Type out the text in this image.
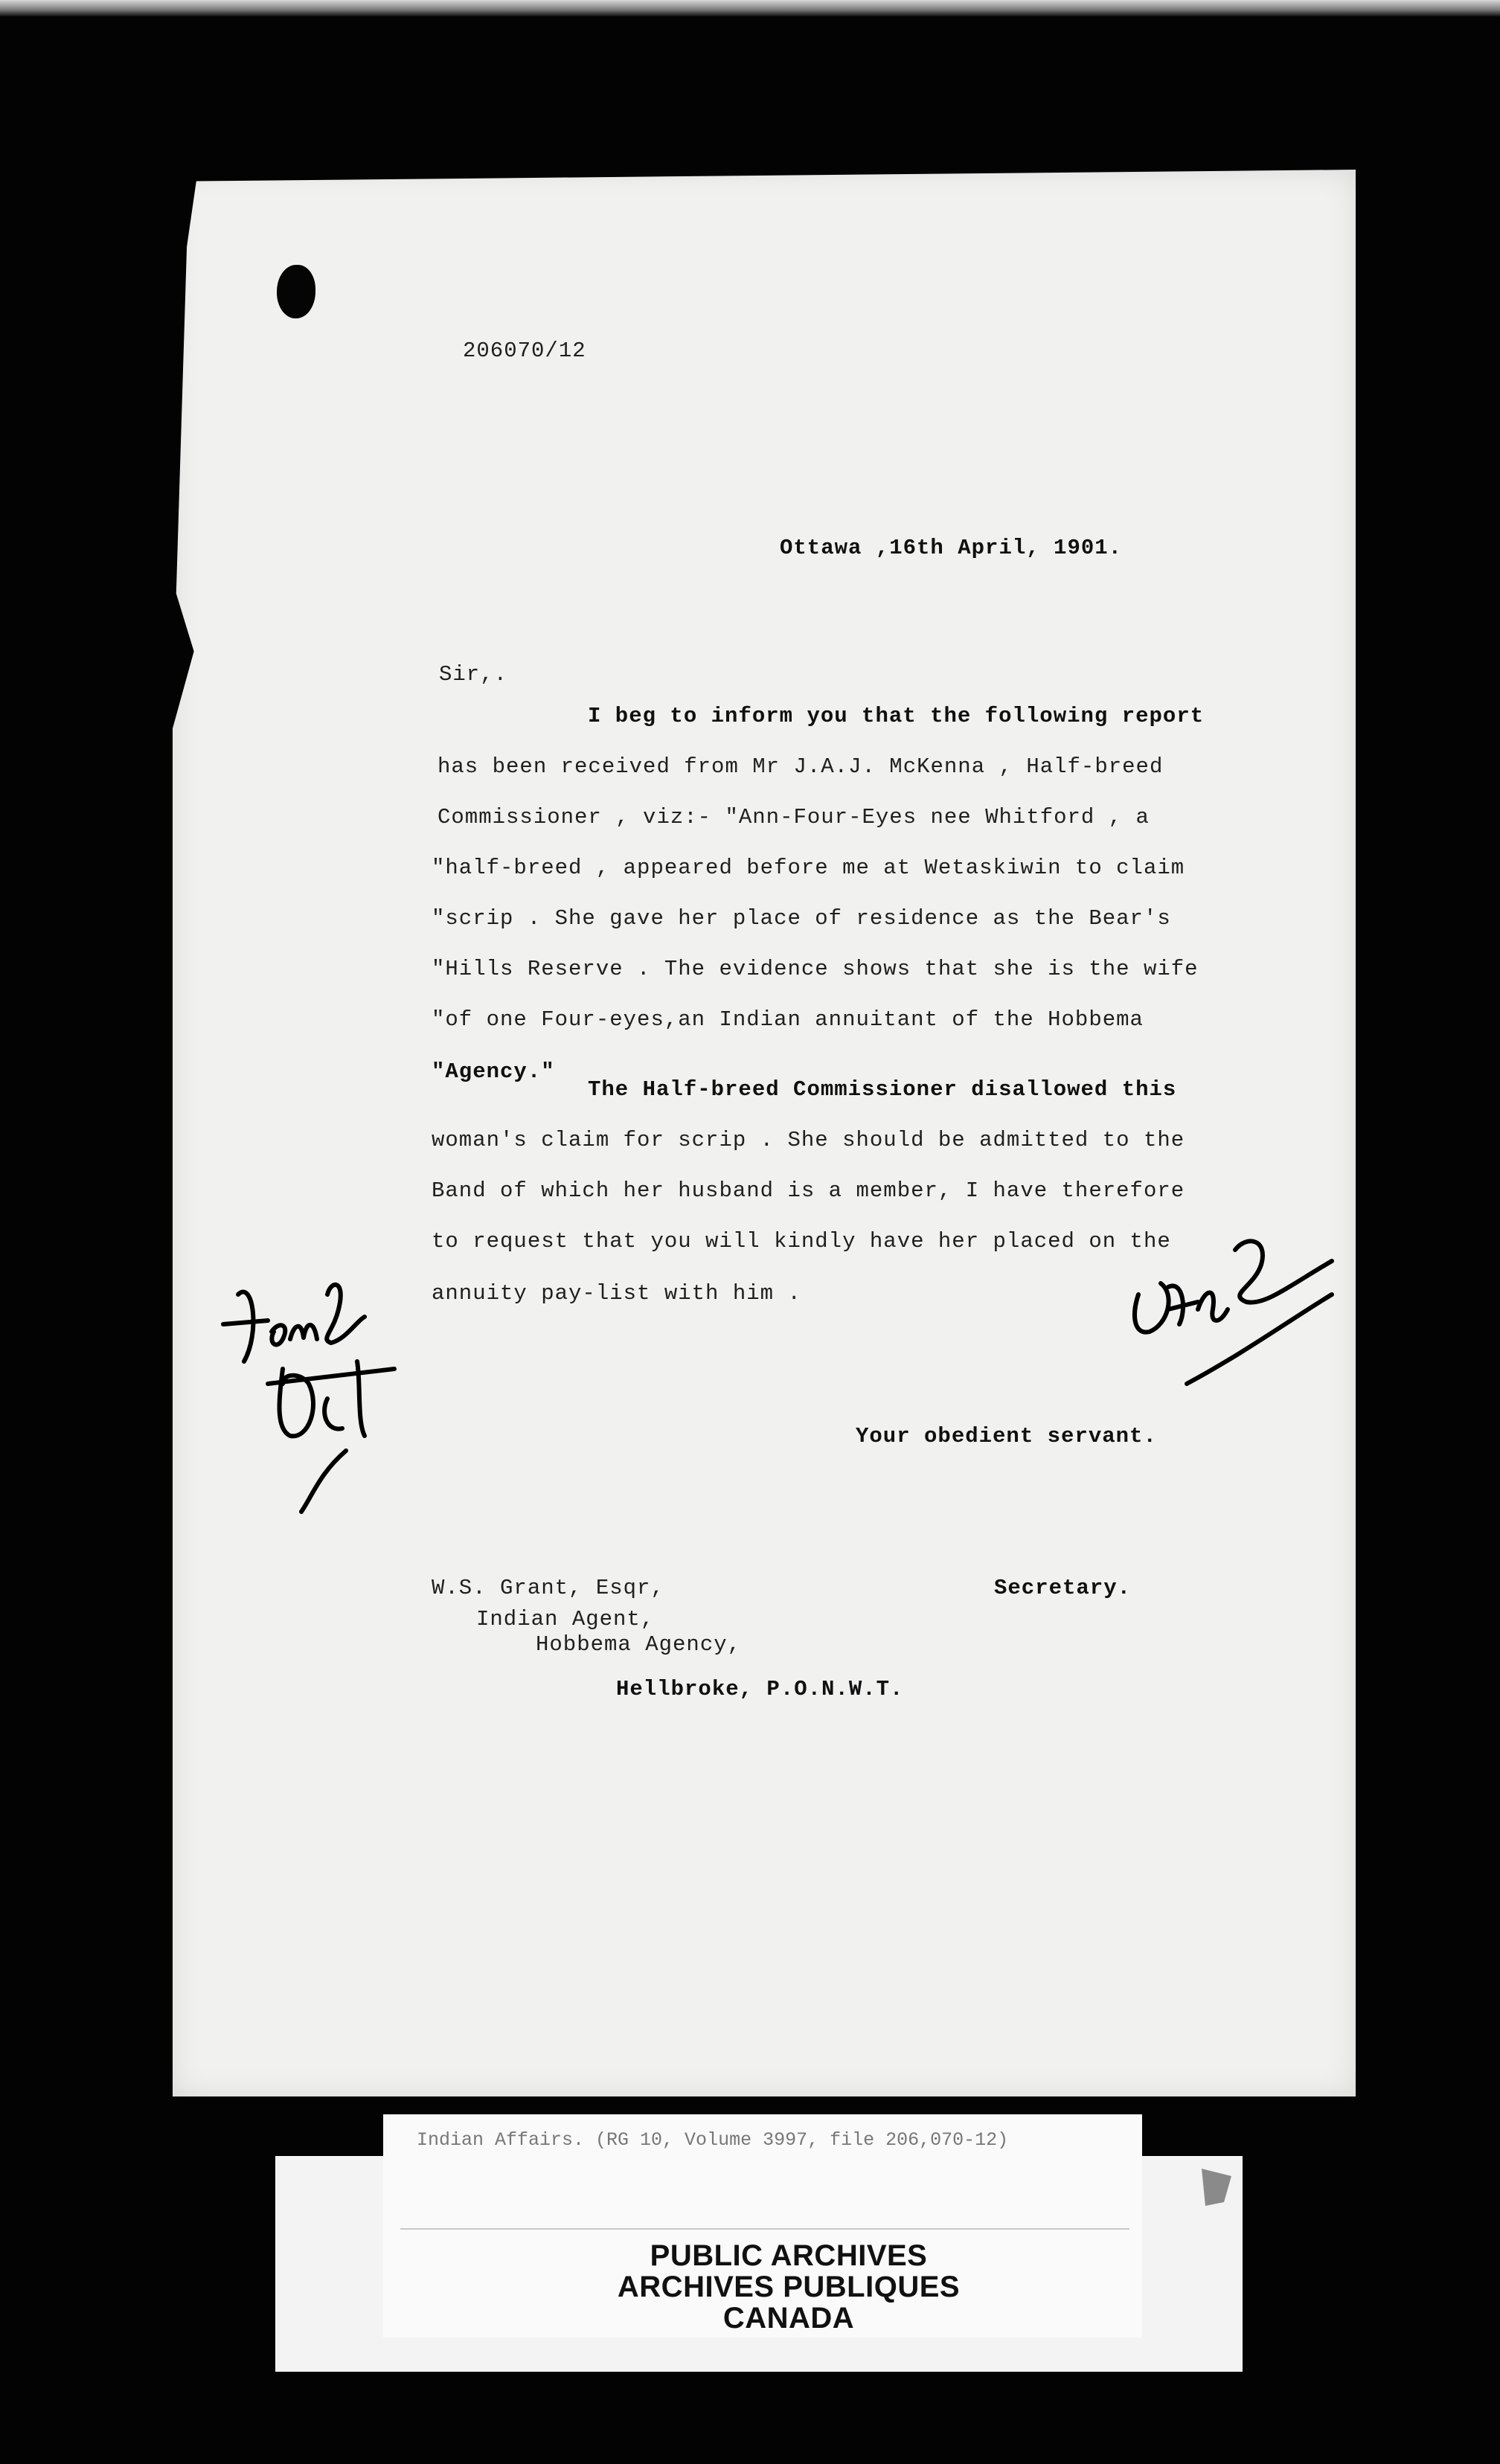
206070/12
Ottawa ,16th April, 1901.
Sir,.
I beg to inform you that the following report
has been received from Mr J.A.J. McKenna , Half-breed
Commissioner , viz:- "Ann-Four-Eyes nee Whitford , a
"half-breed , appeared before me at Wetaskiwin to claim
"scrip . She gave her place of residence as the Bear's
"Hills Reserve . The evidence shows that she is the wife
"of one Four-eyes,an Indian annuitant of the Hobbema
"Agency."
The Half-breed Commissioner disallowed this
woman's claim for scrip . She should be admitted to the
Band of which her husband is a member, I have therefore
to request that you will kindly have her placed on the
annuity pay-list with him .
Your obedient servant.
Secretary.
W.S. Grant, Esqr,
Indian Agent,
Hobbema Agency,
Hellbroke, P.O.N.W.T.
Indian Affairs. (RG 10, Volume 3997, file 206,070-12)
PUBLIC ARCHIVES
ARCHIVES PUBLIQUES
CANADA
